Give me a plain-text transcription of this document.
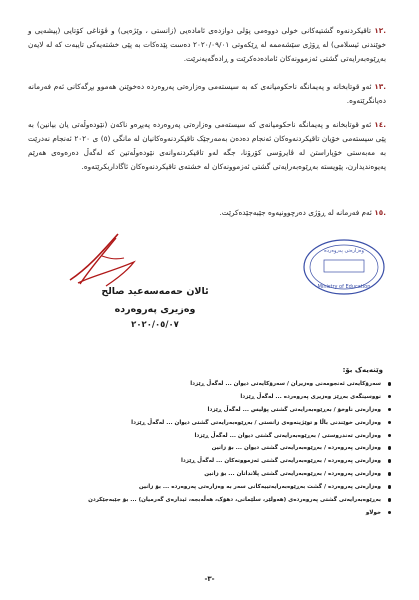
.١٢ تاقیکردنەوە گشتیەکانی خولی دووەمی پۆلی دوازدەی ئامادەیی (زانستی ، وێژەیی) و ڤۆناغی کۆتایی (پیشەیی و خوێندنی ئیسلامی) لە ڕۆژی سێشەممە لە ڕێکەوتی ٢٠٢٠/٠٩/٠١ دەست پێدەکات بە پێی خشتەیەکی تایبەت کە لە لایەن بەڕێوەبەرایەتی گشتی ئەزموونەکان ئامادەدەکرێت و ڕادەگەیەنرێت.
.١٣ ئەو قوتابخانە و پەیمانگە ناحکومیانەی کە بە سیستەمی وەزارەتی پەروەردە دەخوێنن هەموو بڕگەکانی ئەم فەرمانە دەیانگرێتەوە.
.١٤ ئەو قوتابخانە و پەیمانگە ناحکومیانەی کە سیستەمی وەزارەتی پەروەردە پەیڕەو ناکەن (نێودەوڵەتی یان بیانین) بە پێی سیستەمی خۆیان تاقیکردنەوەکان ئەنجام دەدەن بەمەرجێک تاقیکردنەوەکانیان لە مانگی (٥) ی ٢٠٢٠ ئەنجام نەدرێت بە مەبەستی خۆپاراستن لە ڤایرۆسی کۆرۆنا، جگە لەو تاقیکردنەوانەی نێودەوڵەتین کە لەگەڵ دەرەوەی هەرێم پەیوەندیدارن، پێویستە بەڕێوەبەرایەتی گشتی ئەزموونەکان لە خشتەی تاقیکردنەوەکان ئاگاداربکرێتەوە.
.١٥ ئەم فەرمانە لە ڕۆژی دەرچوونیەوە جێبەجێدەکرێت.
ئالان حەمەسەعید صالح
وەزیری پەروەردە
٢٠٢٠/٠٥/٠٧
وەزارەتی پەروەردە
Ministry of Education
وێنەیەک بۆ:
سەرۆکایەتی ئەنجومەنی وەزیران / سەرۆکایەتی دیوان ... لەگەڵ ڕێزدا
نووسینگەی بەڕێز وەزیری پەروەردە ... لەگەڵ ڕێزدا
وەزارەتی ناوخۆ / بەڕێوەبەرایەتی گشتی پۆلیس ... لەگەڵ ڕێزدا
وەزارەتی خوێندنی باڵا و توێژینەوەی زانستی / بەڕێوەبەرایەتی گشتی دیوان ... لەگەڵ ڕێزدا
وەزارەتی تەندروستی / بەڕێوەبەرایەتی گشتی دیوان ... لەگەڵ ڕێزدا
وەزارەتی پەروەردە / بەڕێوەبەرایەتی گشتی دیوان ... بۆ زانین
وەزارەتی پەروەردە / بەڕێوەبەرایەتی گشتی ئەزموونەکان ... لەگەڵ ڕێزدا
وەزارەتی پەروەردە / بەڕێوەبەرایەتی گشتی پلاندانان ... بۆ زانین
وەزارەتی پەروەردە / گشت بەڕێوەبەرایەتییەکانی سەر بە وەزارەتی پەروەردە ... بۆ زانین
بەڕێوەبەرایەتی گشتی پەروەردەی (هەولێر، سلێمانی، دهۆک، هەڵەبجە، ئیدارەی گەرمیان) ... بۆ جێبەجێکردن
خولاو
-٣-
